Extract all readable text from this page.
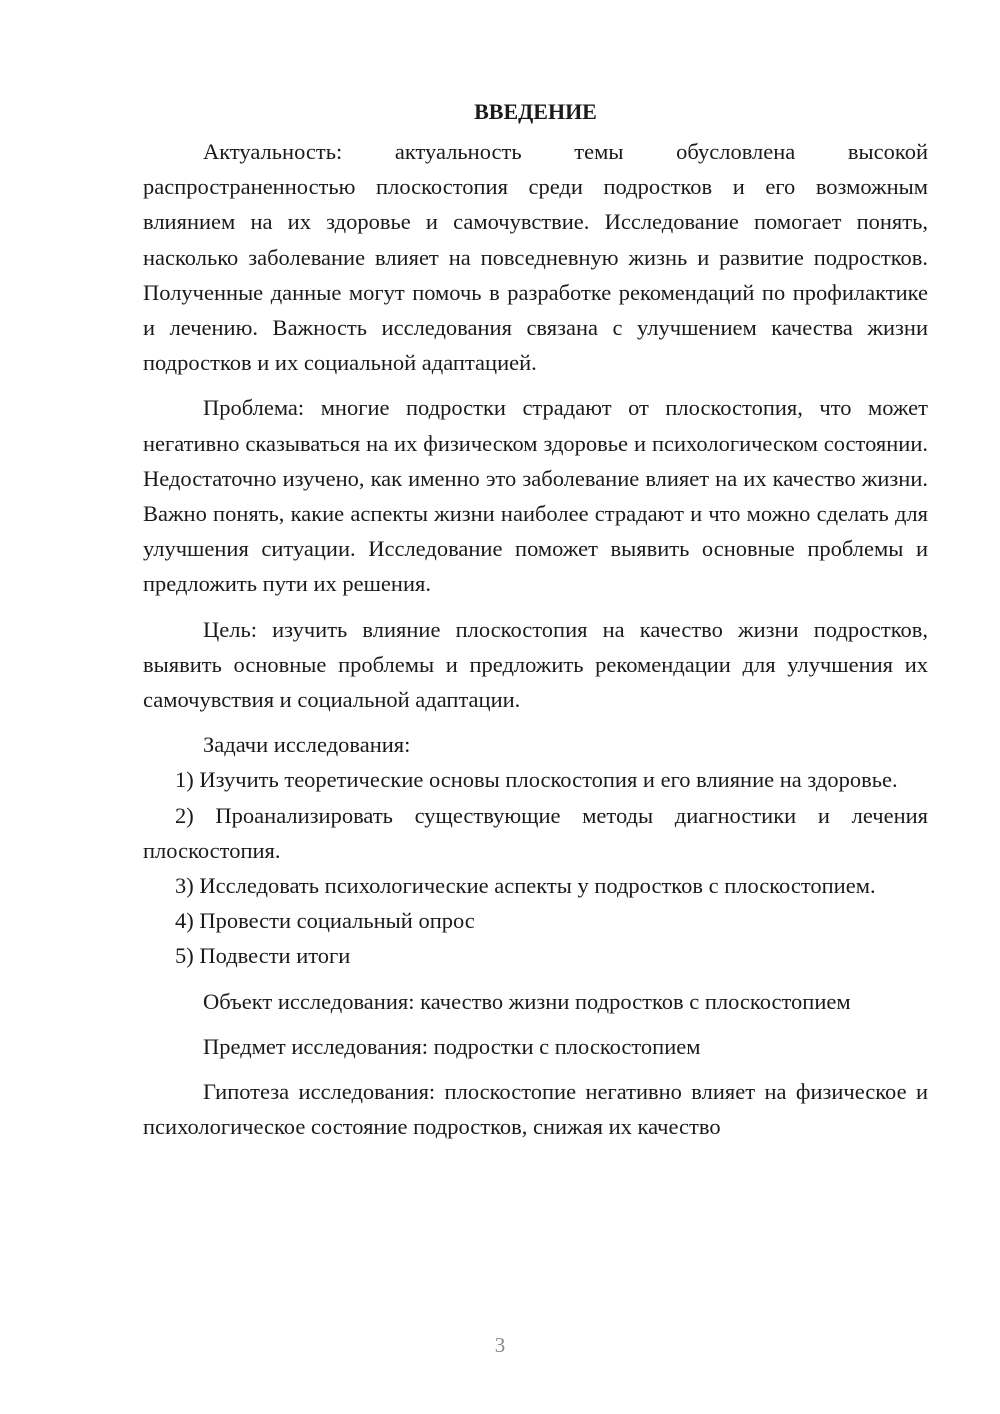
ВВЕДЕНИЕ

Актуальность: актуальность темы обусловлена высокой распространенностью плоскостопия среди подростков и его возможным влиянием на их здоровье и самочувствие. Исследование помогает понять, насколько заболевание влияет на повседневную жизнь и развитие подростков. Полученные данные могут помочь в разработке рекомендаций по профилактике и лечению. Важность исследования связана с улучшением качества жизни подростков и их социальной адаптацией.

Проблема: многие подростки страдают от плоскостопия, что может негативно сказываться на их физическом здоровье и психологическом состоянии. Недостаточно изучено, как именно это заболевание влияет на их качество жизни. Важно понять, какие аспекты жизни наиболее страдают и что можно сделать для улучшения ситуации. Исследование поможет выявить основные проблемы и предложить пути их решения.

Цель: изучить влияние плоскостопия на качество жизни подростков, выявить основные проблемы и предложить рекомендации для улучшения их самочувствия и социальной адаптации.

Задачи исследования:

1) Изучить теоретические основы плоскостопия и его влияние на здоровье.

2) Проанализировать существующие методы диагностики и лечения плоскостопия.

3) Исследовать психологические аспекты у подростков с плоскостопием.

4) Провести социальный опрос

5) Подвести итоги

Объект исследования: качество жизни подростков с плоскостопием

Предмет исследования: подростки с плоскостопием

Гипотеза исследования: плоскостопие негативно влияет на физическое и психологическое состояние подростков, снижая их качество

3
